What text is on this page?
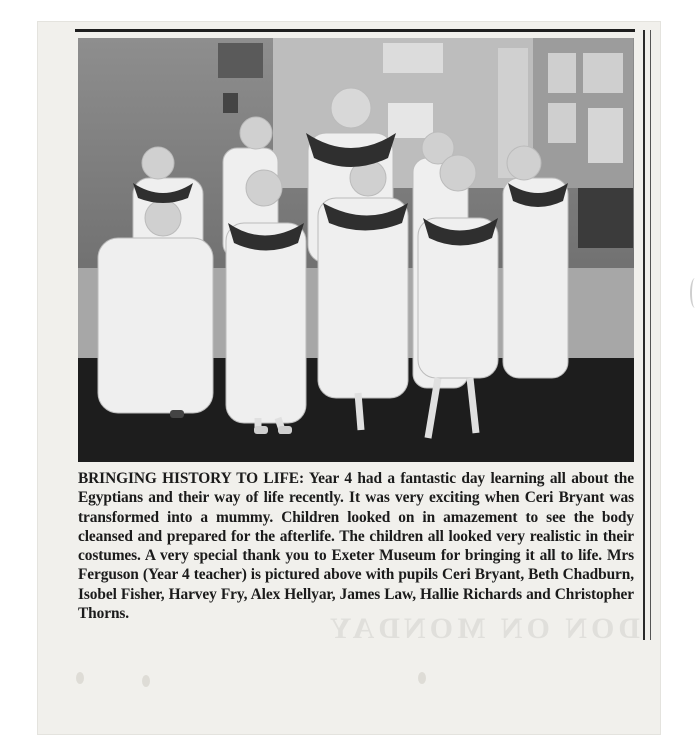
BRINGING HISTORY TO LIFE: Year 4 had a fantastic day learning all about the Egyptians and their way of life recently. It was very exciting when Ceri Bryant was transformed into a mummy. Children looked on in amazement to see the body cleansed and prepared for the afterlife. The children all looked very realistic in their costumes. A very special thank you to Exeter Museum for bringing it all to life. Mrs Ferguson (Year 4 teacher) is pictured above with pupils Ceri Bryant, Beth Chadburn, Isobel Fisher, Harvey Fry, Alex Hellyar, James Law, Hallie Richards and Christopher Thorns.	DON ON MONDAY
